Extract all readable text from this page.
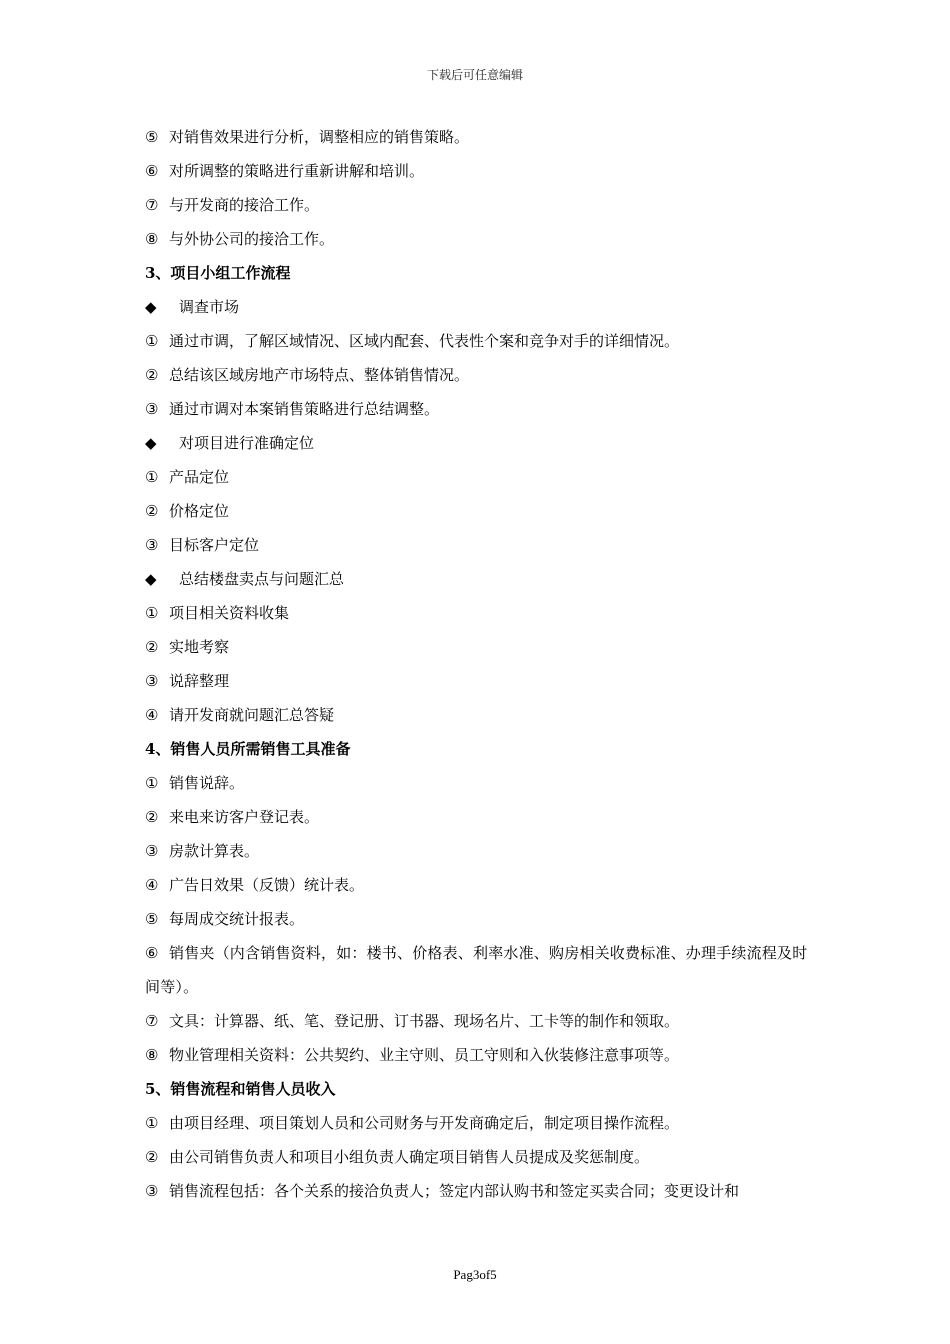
下载后可任意编辑
⑤ 对销售效果进行分析，调整相应的销售策略。
⑥ 对所调整的策略进行重新讲解和培训。
⑦ 与开发商的接洽工作。
⑧ 与外协公司的接洽工作。
3、项目小组工作流程
◆ 调查市场
① 通过市调，了解区域情况、区域内配套、代表性个案和竞争对手的详细情况。
② 总结该区域房地产市场特点、整体销售情况。
③ 通过市调对本案销售策略进行总结调整。
◆ 对项目进行准确定位
① 产品定位
② 价格定位
③ 目标客户定位
◆ 总结楼盘卖点与问题汇总
① 项目相关资料收集
② 实地考察
③ 说辞整理
④ 请开发商就问题汇总答疑
4、销售人员所需销售工具准备
① 销售说辞。
② 来电来访客户登记表。
③ 房款计算表。
④ 广告日效果（反馈）统计表。
⑤ 每周成交统计报表。
⑥ 销售夹（内含销售资料，如：楼书、价格表、利率水准、购房相关收费标准、办理手续流程及时间等）。
⑦ 文具：计算器、纸、笔、登记册、订书器、现场名片、工卡等的制作和领取。
⑧ 物业管理相关资料：公共契约、业主守则、员工守则和入伙装修注意事项等。
5、销售流程和销售人员收入
① 由项目经理、项目策划人员和公司财务与开发商确定后，制定项目操作流程。
② 由公司销售负责人和项目小组负责人确定项目销售人员提成及奖惩制度。
③ 销售流程包括：各个关系的接洽负责人；签定内部认购书和签定买卖合同；变更设计和
Pag3of5
